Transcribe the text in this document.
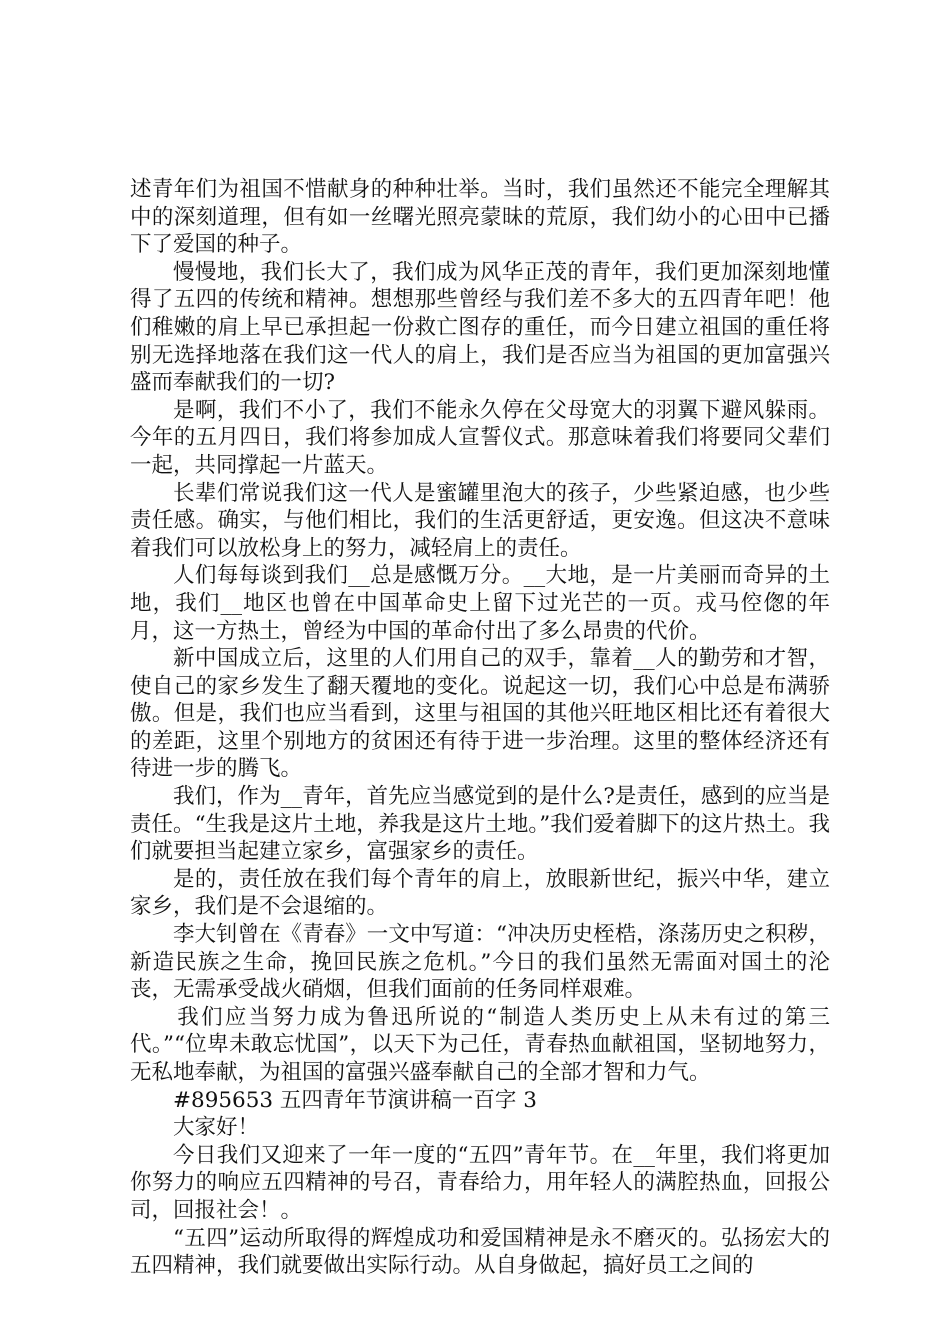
述青年们为祖国不惜献身的种种壮举。当时，我们虽然还不能完全理解其中的深刻道理，但有如一丝曙光照亮蒙昧的荒原，我们幼小的心田中已播下了爱国的种子。

慢慢地，我们长大了，我们成为风华正茂的青年，我们更加深刻地懂得了五四的传统和精神。想想那些曾经与我们差不多大的五四青年吧！他们稚嫩的肩上早已承担起一份救亡图存的重任，而今日建立祖国的重任将别无选择地落在我们这一代人的肩上，我们是否应当为祖国的更加富强兴盛而奉献我们的一切?

是啊，我们不小了，我们不能永久停在父母宽大的羽翼下避风躲雨。今年的五月四日，我们将参加成人宣誓仪式。那意味着我们将要同父辈们一起，共同撑起一片蓝天。

长辈们常说我们这一代人是蜜罐里泡大的孩子，少些紧迫感，也少些责任感。确实，与他们相比，我们的生活更舒适，更安逸。但这决不意味着我们可以放松身上的努力，减轻肩上的责任。

人们每每谈到我们__总是感慨万分。__大地，是一片美丽而奇异的土地，我们__地区也曾在中国革命史上留下过光芒的一页。戎马倥偬的年月，这一方热土，曾经为中国的革命付出了多么昂贵的代价。

新中国成立后，这里的人们用自己的双手，靠着__人的勤劳和才智，使自己的家乡发生了翻天覆地的变化。说起这一切，我们心中总是布满骄傲。但是，我们也应当看到，这里与祖国的其他兴旺地区相比还有着很大的差距，这里个别地方的贫困还有待于进一步治理。这里的整体经济还有待进一步的腾飞。

我们，作为__青年，首先应当感觉到的是什么?是责任，感到的应当是责任。“生我是这片土地，养我是这片土地。”我们爱着脚下的这片热土。我们就要担当起建立家乡，富强家乡的责任。

是的，责任放在我们每个青年的肩上，放眼新世纪，振兴中华，建立家乡，我们是不会退缩的。

李大钊曾在《青春》一文中写道：“冲决历史桎梏，涤荡历史之积秽，新造民族之生命，挽回民族之危机。”今日的我们虽然无需面对国土的沦丧，无需承受战火硝烟，但我们面前的任务同样艰难。

我们应当努力成为鲁迅所说的“制造人类历史上从未有过的第三代。”“位卑未敢忘忧国”，以天下为己任，青春热血献祖国，坚韧地努力，无私地奉献，为祖国的富强兴盛奉献自己的全部才智和力气。

#895653 五四青年节演讲稿一百字 3

大家好！

今日我们又迎来了一年一度的“五四”青年节。在__年里，我们将更加你努力的响应五四精神的号召，青春给力，用年轻人的满腔热血，回报公司，回报社会！。

“五四”运动所取得的辉煌成功和爱国精神是永不磨灭的。弘扬宏大的五四精神，我们就要做出实际行动。从自身做起，搞好员工之间的
